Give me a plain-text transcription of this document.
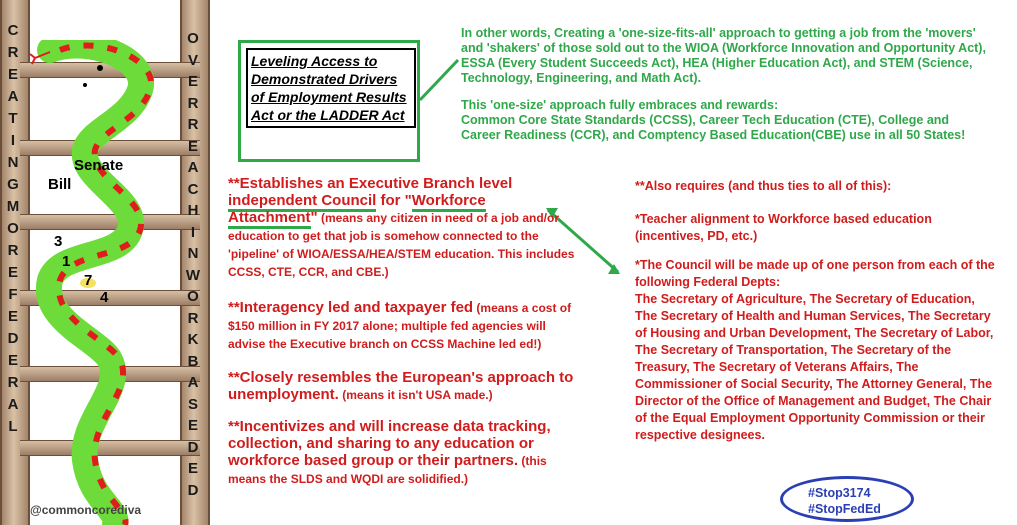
Senate
Bill
3
1
7
4
C
R
E
A
T
I
N
G
M
O
R
E
F
E
D
E
R
A
L
O
V
E
R
R
E
A
C
H
I
N
W
O
R
K
B
A
S
E
D
E
D
@commoncorediva
Leveling Access to Demonstrated Drivers of Employment Results Act or the LADDER Act
In other words, Creating a 'one-size-fits-all' approach to getting a job from the 'movers' and 'shakers' of those sold out to the WIOA (Workforce Innovation and Opportunity Act), ESSA (Every Student Succeeds Act), HEA (Higher Education Act), and STEM (Science, Technology, Engineering, and Math Act).
This 'one-size' approach fully embraces and rewards:
Common Core State Standards (CCSS), Career Tech Education (CTE), College and Career Readiness (CCR), and Comptency Based Education(CBE) use in all 50 States!
**Establishes an Executive Branch level independent Council for "Workforce Attachment" (means any citizen in need of a job and/or education to get that job is somehow connected to the 'pipeline' of WIOA/ESSA/HEA/STEM education. This includes CCSS, CTE, CCR, and CBE.)
**Interagency led and taxpayer fed (means a cost of $150 million in FY 2017 alone; multiple fed agencies will advise the Executive branch on CCSS Machine led ed!)
**Closely resembles the European's approach to unemployment. (means it isn't USA made.)
**Incentivizes and will increase data tracking, collection, and sharing to any education or workforce based group or their partners. (this means the SLDS and WQDI are solidified.)
**Also requires (and thus ties to all of this):
*Teacher alignment to Workforce based education (incentives, PD, etc.)
*The Council will be made up of one person from each of the following Federal Depts:
The Secretary of Agriculture, The Secretary of Education, The Secretary of Health and Human Services, The Secretary of Housing and Urban Development, The Secretary of Labor, The Secretary of Transportation, The Secretary of the Treasury, The Secretary of Veterans Affairs, The Commissioner of Social Security, The Attorney General, The Director of the Office of Management and Budget, The Chair of the Equal Employment Opportunity Commission or their
respective designees.
#Stop3174
#StopFedEd
